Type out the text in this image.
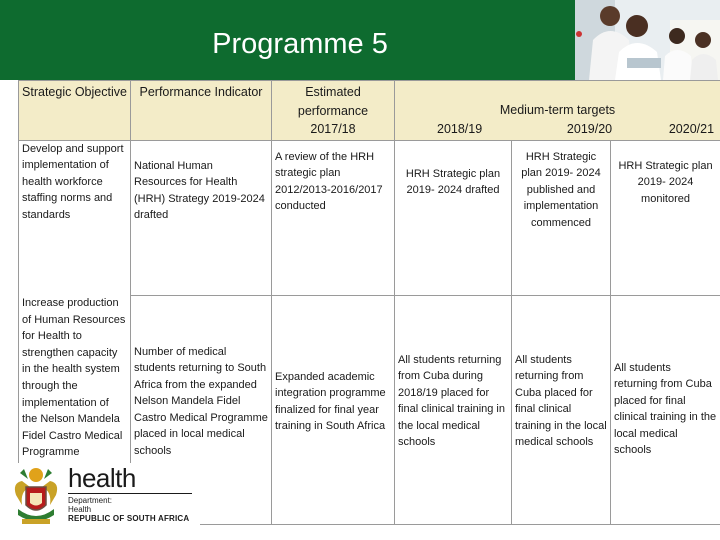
Programme 5
Strategic Objective	Performance Indicator	Estimated performance 2017/18	Medium-term targets
2018/19 2019/20 2020/21		

Develop and support implementation of health workforce staffing norms and standards	National Human Resources for Health (HRH) Strategy 2019-2024 drafted	A review of the HRH strategic plan 2012/2013-2016/2017 conducted	HRH Strategic plan 2019- 2024 drafted	HRH Strategic plan 2019- 2024 published and implementation commenced	HRH Strategic plan 2019- 2024 monitored

Increase production of Human Resources for Health to strengthen capacity in the health system through the implementation of the Nelson Mandela Fidel Castro Medical Programme	Number of medical students returning to South Africa from the expanded Nelson Mandela Fidel Castro Medical Programme placed in local medical schools	Expanded academic integration programme finalized for final year training in South Africa	All students returning from Cuba during 2018/19 placed for final clinical training in the local medical schools	All students returning from Cuba placed for final clinical training in the local medical schools	All students returning from Cuba placed for final clinical training in the local medical schools
health
Department:
Health
REPUBLIC OF SOUTH AFRICA
